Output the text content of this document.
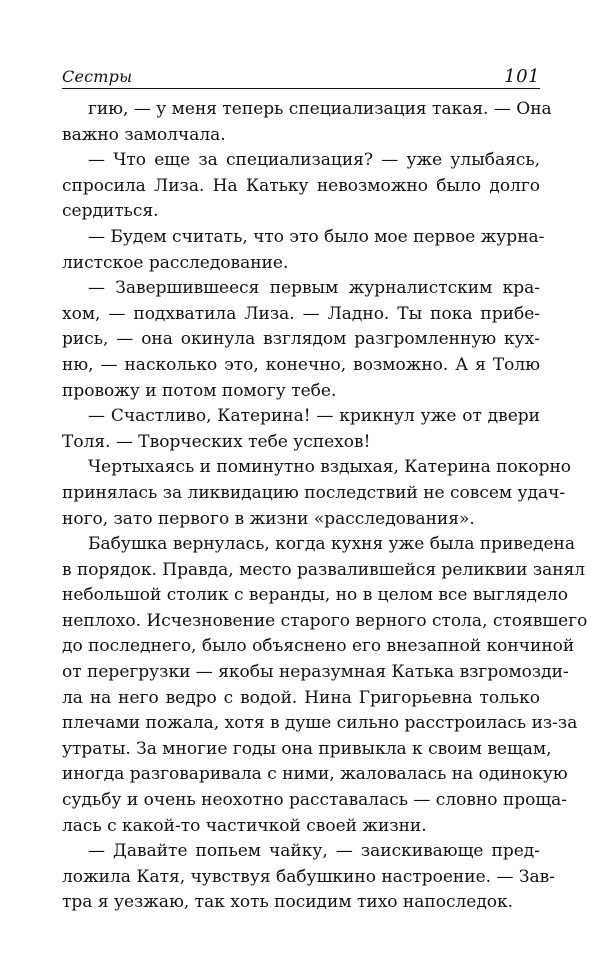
Сестры	101
гию, — у меня теперь специализация такая. — Она
важно замолчала.
— Что еще за специализация? — уже улыбаясь,
спросила Лиза. На Катьку невозможно было долго
сердиться.
— Будем считать, что это было мое первое журна-
листское расследование.
— Завершившееся первым журналистским кра-
хом, — подхватила Лиза. — Ладно. Ты пока прибе-
рись, — она окинула взглядом разгромленную кух-
ню, — насколько это, конечно, возможно. А я Толю
провожу и потом помогу тебе.
— Счастливо, Катерина! — крикнул уже от двери
Толя. — Творческих тебе успехов!
Чертыхаясь и поминутно вздыхая, Катерина покорно
принялась за ликвидацию последствий не совсем удач-
ного, зато первого в жизни «расследования».
Бабушка вернулась, когда кухня уже была приведена
в порядок. Правда, место развалившейся реликвии занял
небольшой столик с веранды, но в целом все выглядело
неплохо. Исчезновение старого верного стола, стоявшего
до последнего, было объяснено его внезапной кончиной
от перегрузки — якобы неразумная Катька взгромозди-
ла на него ведро с водой. Нина Григорьевна только
плечами пожала, хотя в душе сильно расстроилась из-за
утраты. За многие годы она привыкла к своим вещам,
иногда разговаривала с ними, жаловалась на одинокую
судьбу и очень неохотно расставалась — словно проща-
лась с какой-то частичкой своей жизни.
— Давайте попьем чайку, — заискивающе пред-
ложила Катя, чувствуя бабушкино настроение. — Зав-
тра я уезжаю, так хоть посидим тихо напоследок.
